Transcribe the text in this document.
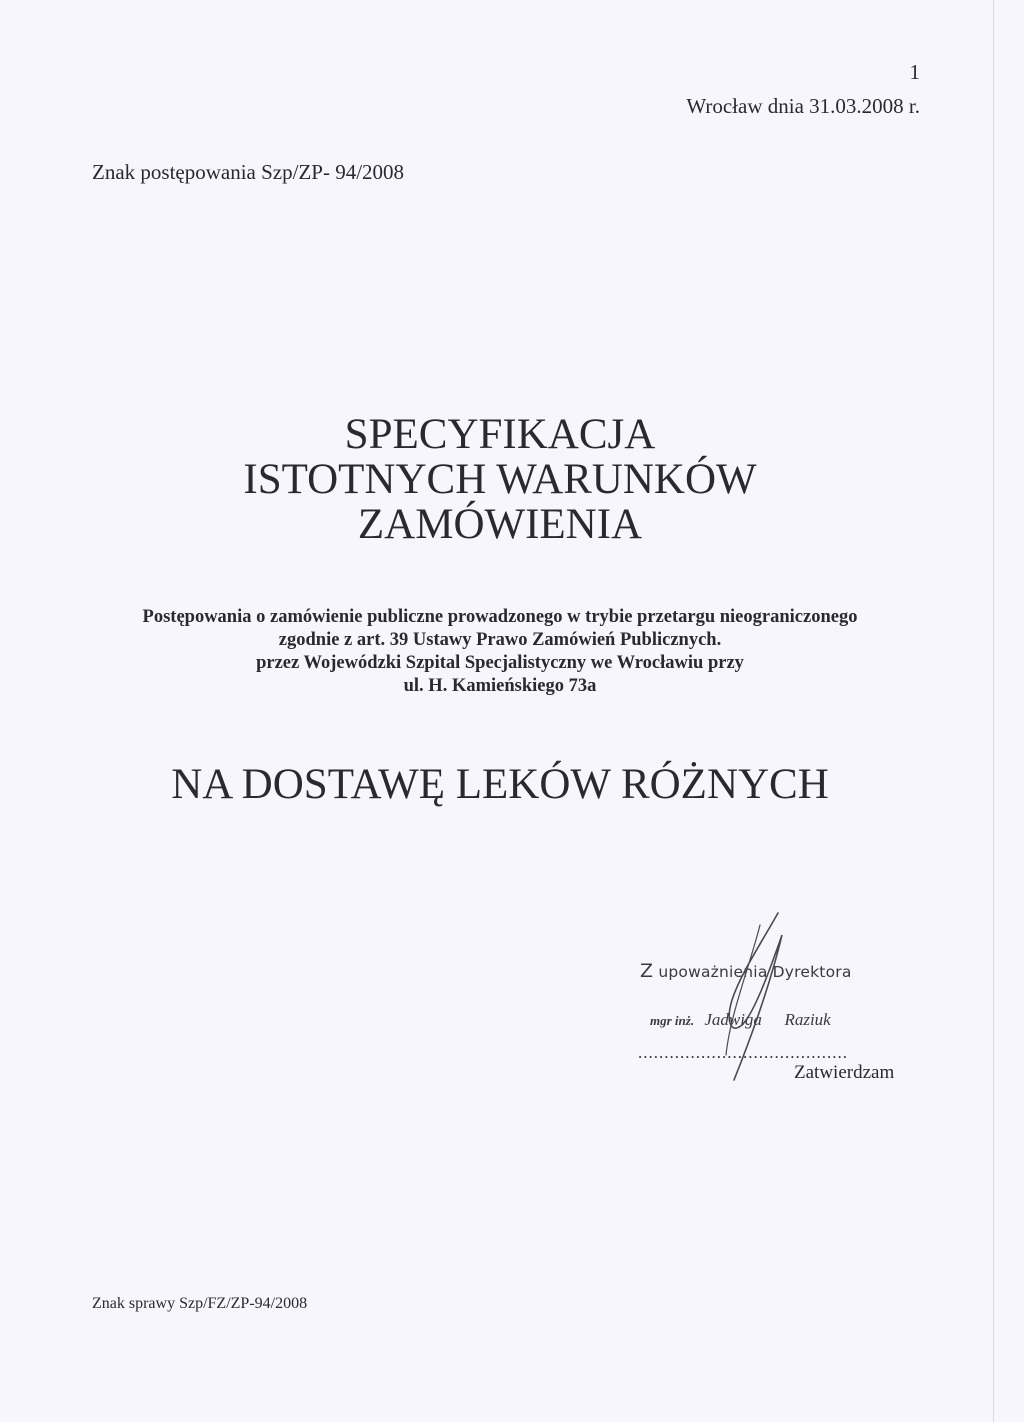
1
Wrocław dnia 31.03.2008 r.
Znak postępowania Szp/ZP- 94/2008
SPECYFIKACJA
ISTOTNYCH WARUNKÓW
ZAMÓWIENIA
Postępowania o zamówienie publiczne prowadzonego w trybie przetargu nieograniczonego
zgodnie z art. 39 Ustawy Prawo Zamówień Publicznych.
przez Wojewódzki Szpital Specjalistyczny we Wrocławiu przy
ul. H. Kamieńskiego 73a
NA DOSTAWĘ LEKÓW RÓŻNYCH
Z upoważnienia Dyrektora
mgr inż. Jadwiga Raziuk
........................................
Zatwierdzam
Znak sprawy Szp/FZ/ZP-94/2008
